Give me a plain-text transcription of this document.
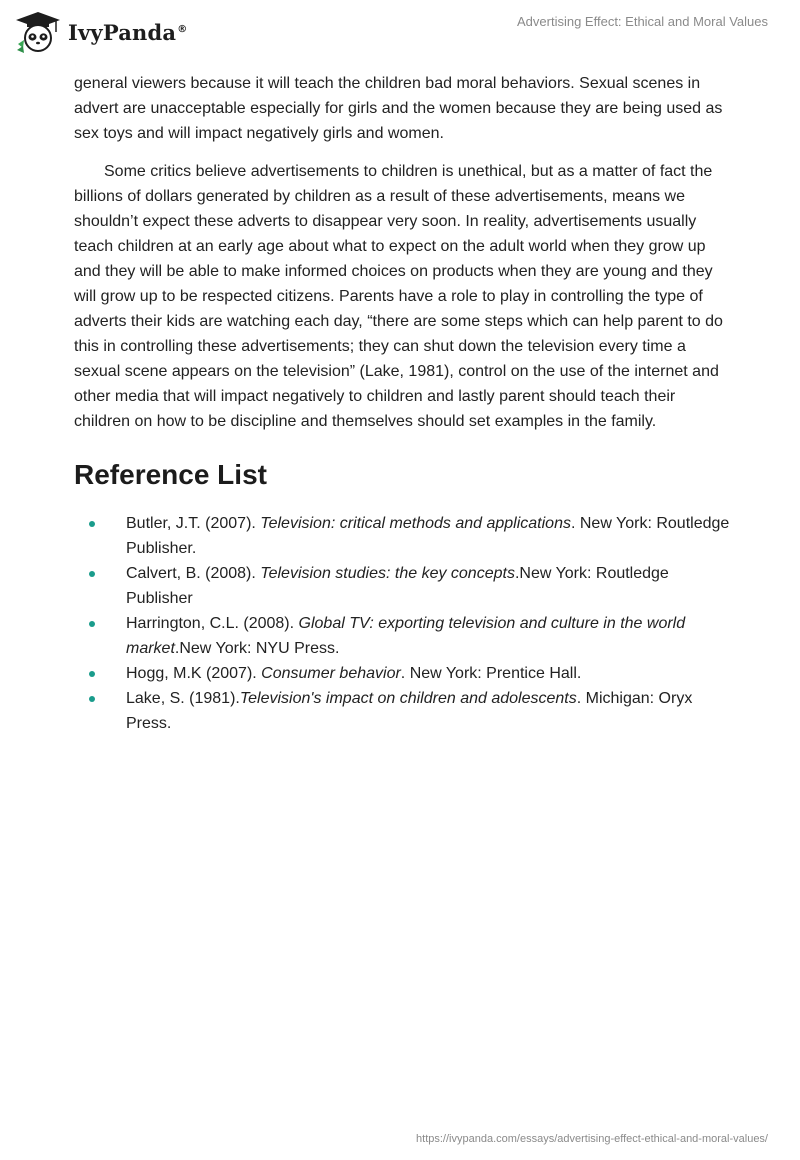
IvyPanda®	Advertising Effect: Ethical and Moral Values

general viewers because it will teach the children bad moral behaviors. Sexual scenes in advert are unacceptable especially for girls and the women because they are being used as sex toys and will impact negatively girls and women.

Some critics believe advertisements to children is unethical, but as a matter of fact the billions of dollars generated by children as a result of these advertisements, means we shouldn’t expect these adverts to disappear very soon. In reality, advertisements usually teach children at an early age about what to expect on the adult world when they grow up and they will be able to make informed choices on products when they are young and they will grow up to be respected citizens. Parents have a role to play in controlling the type of adverts their kids are watching each day, “there are some steps which can help parent to do this in controlling these advertisements; they can shut down the television every time a sexual scene appears on the television” (Lake, 1981), control on the use of the internet and other media that will impact negatively to children and lastly parent should teach their children on how to be discipline and themselves should set examples in the family.

Reference List
Butler, J.T. (2007). Television: critical methods and applications. New York: Routledge Publisher.
Calvert, B. (2008). Television studies: the key concepts.New York: Routledge Publisher
Harrington, C.L. (2008). Global TV: exporting television and culture in the world market.New York: NYU Press.
Hogg, M.K (2007). Consumer behavior. New York: Prentice Hall.
Lake, S. (1981).Television's impact on children and adolescents. Michigan: Oryx Press.
https://ivypanda.com/essays/advertising-effect-ethical-and-moral-values/
